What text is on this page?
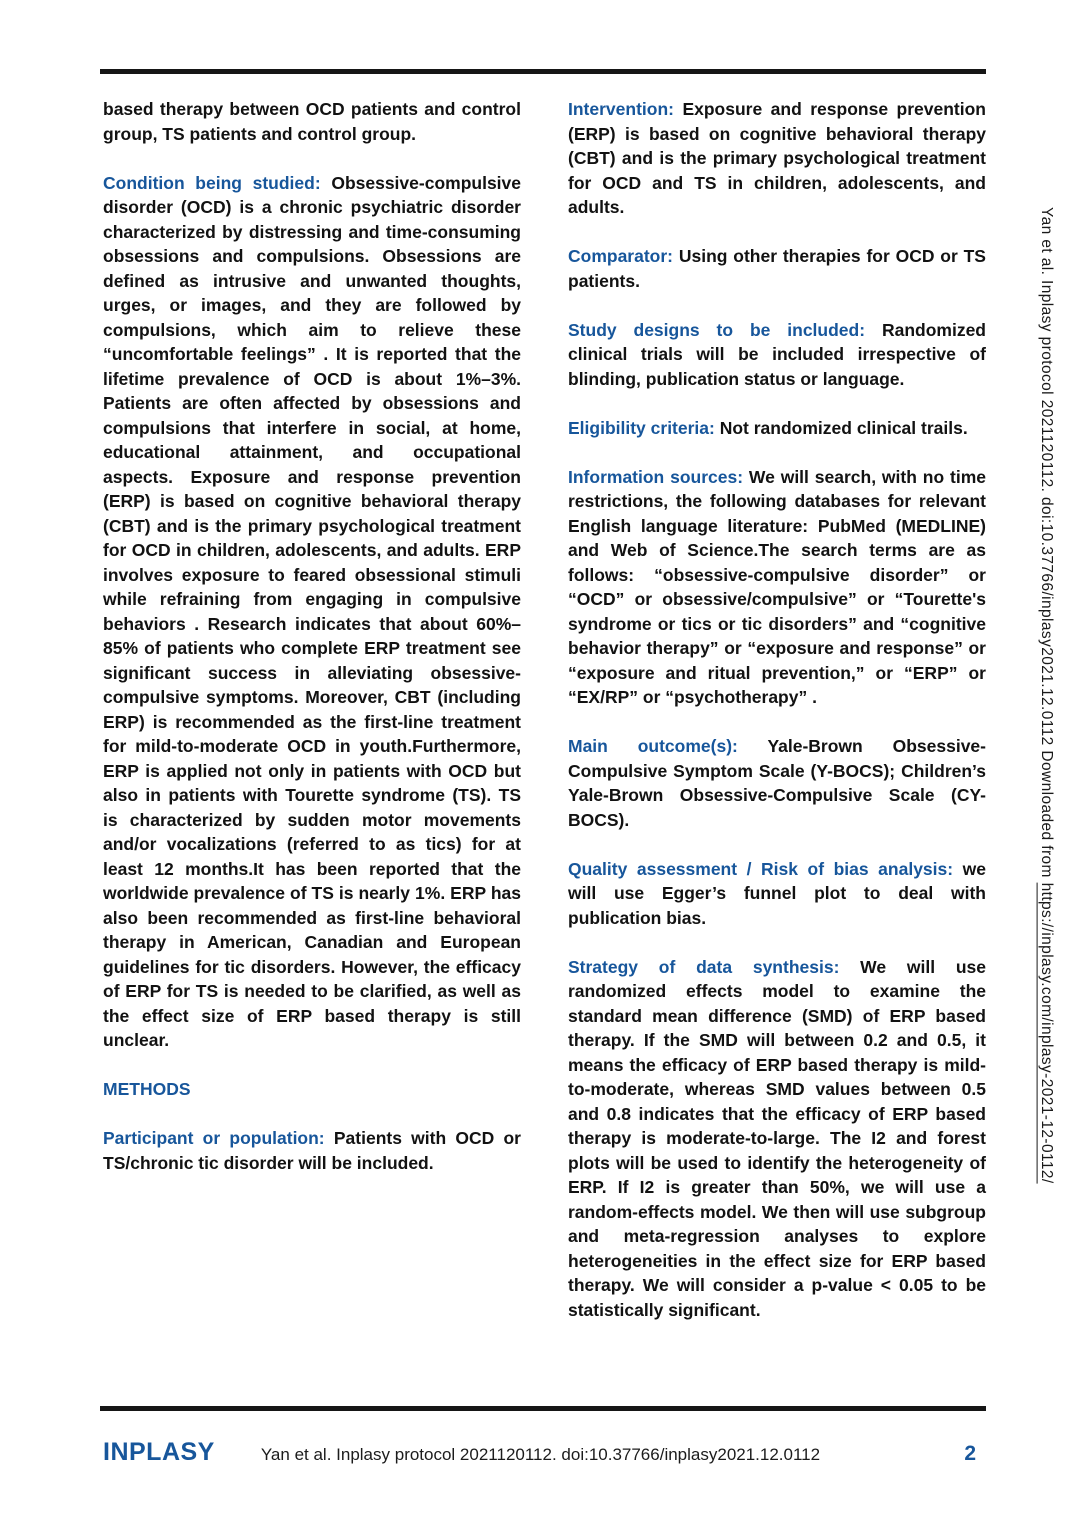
based therapy between OCD patients and control group, TS patients and control group.

Condition being studied: Obsessive-compulsive disorder (OCD) is a chronic psychiatric disorder characterized by distressing and time-consuming obsessions and compulsions. Obsessions are defined as intrusive and unwanted thoughts, urges, or images, and they are followed by compulsions, which aim to relieve these “uncomfortable feelings” . It is reported that the lifetime prevalence of OCD is about 1%–3%. Patients are often affected by obsessions and compulsions that interfere in social, at home, educational attainment, and occupational aspects. Exposure and response prevention (ERP) is based on cognitive behavioral therapy (CBT) and is the primary psychological treatment for OCD in children, adolescents, and adults. ERP involves exposure to feared obsessional stimuli while refraining from engaging in compulsive behaviors . Research indicates that about 60%–85% of patients who complete ERP treatment see significant success in alleviating obsessive-compulsive symptoms. Moreover, CBT (including ERP) is recommended as the first-line treatment for mild-to-moderate OCD in youth.Furthermore, ERP is applied not only in patients with OCD but also in patients with Tourette syndrome (TS). TS is characterized by sudden motor movements and/or vocalizations (referred to as tics) for at least 12 months.It has been reported that the worldwide prevalence of TS is nearly 1%. ERP has also been recommended as first-line behavioral therapy in American, Canadian and European guidelines for tic disorders. However, the efficacy of ERP for TS is needed to be clarified, as well as the effect size of ERP based therapy is still unclear.

METHODS

Participant or population: Patients with OCD or TS/chronic tic disorder will be included.

Intervention: Exposure and response prevention (ERP) is based on cognitive behavioral therapy (CBT) and is the primary psychological treatment for OCD and TS in children, adolescents, and adults.

Comparator: Using other therapies for OCD or TS patients.

Study designs to be included: Randomized clinical trials will be included irrespective of blinding, publication status or language.

Eligibility criteria: Not randomized clinical trails.

Information sources: We will search, with no time restrictions, the following databases for relevant English language literature: PubMed (MEDLINE) and Web of Science.The search terms are as follows: “obsessive-compulsive disorder” or “OCD” or obsessive/compulsive” or “Tourette's syndrome or tics or tic disorders” and “cognitive behavior therapy” or “exposure and response” or “exposure and ritual prevention,” or “ERP” or “EX/RP” or “psychotherapy” .

Main outcome(s): Yale-Brown Obsessive-Compulsive Symptom Scale (Y-BOCS); Children’s Yale-Brown Obsessive-Compulsive Scale (CY-BOCS).

Quality assessment / Risk of bias analysis: we will use Egger’s funnel plot to deal with publication bias.

Strategy of data synthesis: We will use randomized effects model to examine the standard mean difference (SMD) of ERP based therapy. If the SMD will between 0.2 and 0.5, it means the efficacy of ERP based therapy is mild-to-moderate, whereas SMD values between 0.5 and 0.8 indicates that the efficacy of ERP based therapy is moderate-to-large. The I2 and forest plots will be used to identify the heterogeneity of ERP. If I2 is greater than 50%, we will use a random-effects model. We then will use subgroup and meta-regression analyses to explore heterogeneities in the effect size for ERP based therapy. We will consider a p-value < 0.05 to be statistically significant.

Yan et al. Inplasy protocol 2021120112. doi:10.37766/inplasy2021.12.0112 Downloaded from https://inplasy.com/inplasy-2021-12-0112/
INPLASY	Yan et al. Inplasy protocol 2021120112. doi:10.37766/inplasy2021.12.0112	2
